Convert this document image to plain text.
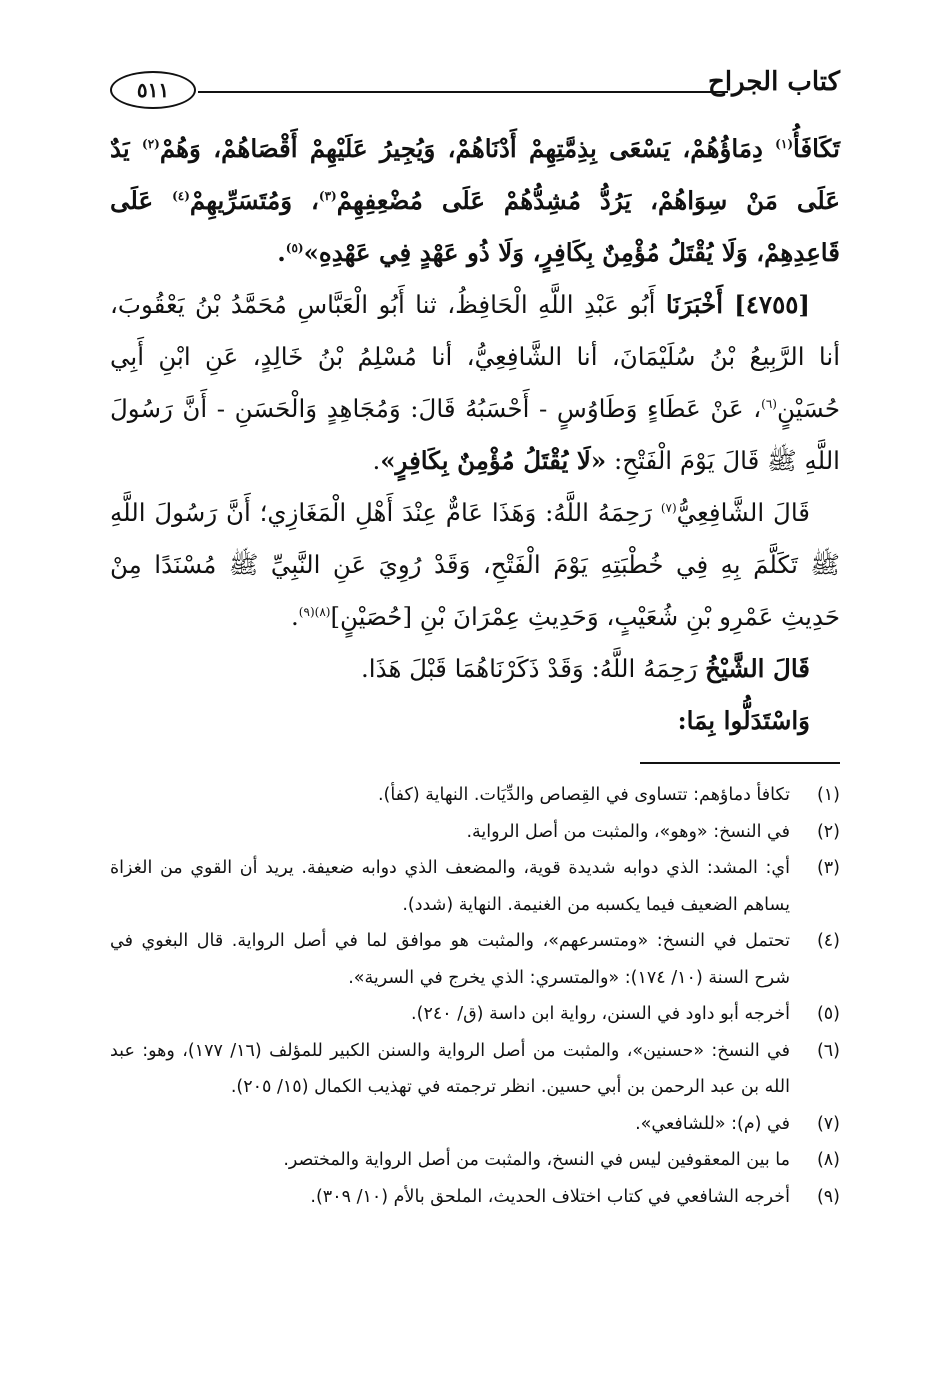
كتاب الجراح
٥١١

تَكَافَأُ$^{(١)}$ دِمَاؤُهُمْ، يَسْعَى بِذِمَّتِهِمْ أَدْنَاهُمْ، وَيُجِيرُ عَلَيْهِمْ أَقْصَاهُمْ، وَهُمْ$^{(٢)}$ يَدٌ عَلَى مَنْ سِوَاهُمْ، يَرُدُّ مُشِدُّهُمْ عَلَى مُضْعِفِهِمْ$^{(٣)}$، وَمُتَسَرِّيهِمْ$^{(٤)}$ عَلَى قَاعِدِهِمْ، وَلَا يُقْتَلُ مُؤْمِنٌ بِكَافِرٍ، وَلَا ذُو عَهْدٍ فِي عَهْدِهِ»$^{(٥)}$.

[٤٧٥٥] أَخْبَرَنَا أَبُو عَبْدِ اللَّهِ الْحَافِظُ، ثنا أَبُو الْعَبَّاسِ مُحَمَّدُ بْنُ يَعْقُوبَ، أنا الرَّبِيعُ بْنُ سُلَيْمَانَ، أنا الشَّافِعِيُّ، أنا مُسْلِمُ بْنُ خَالِدٍ، عَنِ ابْنِ أَبِي حُسَيْنٍ$^{(٦)}$، عَنْ عَطَاءٍ وَطَاوُسٍ - أَحْسَبُهُ قَالَ: وَمُجَاهِدٍ وَالْحَسَنِ - أَنَّ رَسُولَ اللَّهِ ﷺ قَالَ يَوْمَ الْفَتْحِ: «لَا يُقْتَلُ مُؤْمِنٌ بِكَافِرٍ».

قَالَ الشَّافِعِيُّ$^{(٧)}$ رَحِمَهُ اللَّهُ: وَهَذَا عَامٌّ عِنْدَ أَهْلِ الْمَغَازِي؛ أَنَّ رَسُولَ اللَّهِ ﷺ تَكَلَّمَ بِهِ فِي خُطْبَتِهِ يَوْمَ الْفَتْحِ، وَقَدْ رُوِيَ عَنِ النَّبِيِّ ﷺ مُسْنَدًا مِنْ حَدِيثِ عَمْرِو بْنِ شُعَيْبٍ، وَحَدِيثِ عِمْرَانَ بْنِ [حُصَيْنٍ]$^{(٨)(٩)}$.

قَالَ الشَّيْخُ رَحِمَهُ اللَّهُ: وَقَدْ ذَكَرْنَاهُمَا قَبْلَ هَذَا.

وَاسْتَدَلُّوا بِمَا:

(١)
تكافأ دماؤهم: تتساوى في القِصاص والدِّيَات. النهاية (كفأ).
(٢)
في النسخ: «وهو»، والمثبت من أصل الرواية.
(٣)
أي: المشد: الذي دوابه شديدة قوية، والمضعف الذي دوابه ضعيفة. يريد أن القوي من الغزاة يساهم الضعيف فيما يكسبه من الغنيمة. النهاية (شدد).
(٤)
تحتمل في النسخ: «ومتسرعهم»، والمثبت هو موافق لما في أصل الرواية. قال البغوي في شرح السنة (١٠/ ١٧٤): «والمتسري: الذي يخرج في السرية».
(٥)
أخرجه أبو داود في السنن، رواية ابن داسة (ق/ ٢٤٠).
(٦)
في النسخ: «حسنين»، والمثبت من أصل الرواية والسنن الكبير للمؤلف (١٦/ ١٧٧)، وهو: عبد الله بن عبد الرحمن بن أبي حسين. انظر ترجمته في تهذيب الكمال (١٥/ ٢٠٥).
(٧)
في (م): «للشافعي».
(٨)
ما بين المعقوفين ليس في النسخ، والمثبت من أصل الرواية والمختصر.
(٩)
أخرجه الشافعي في كتاب اختلاف الحديث، الملحق بالأم (١٠/ ٣٠٩).
